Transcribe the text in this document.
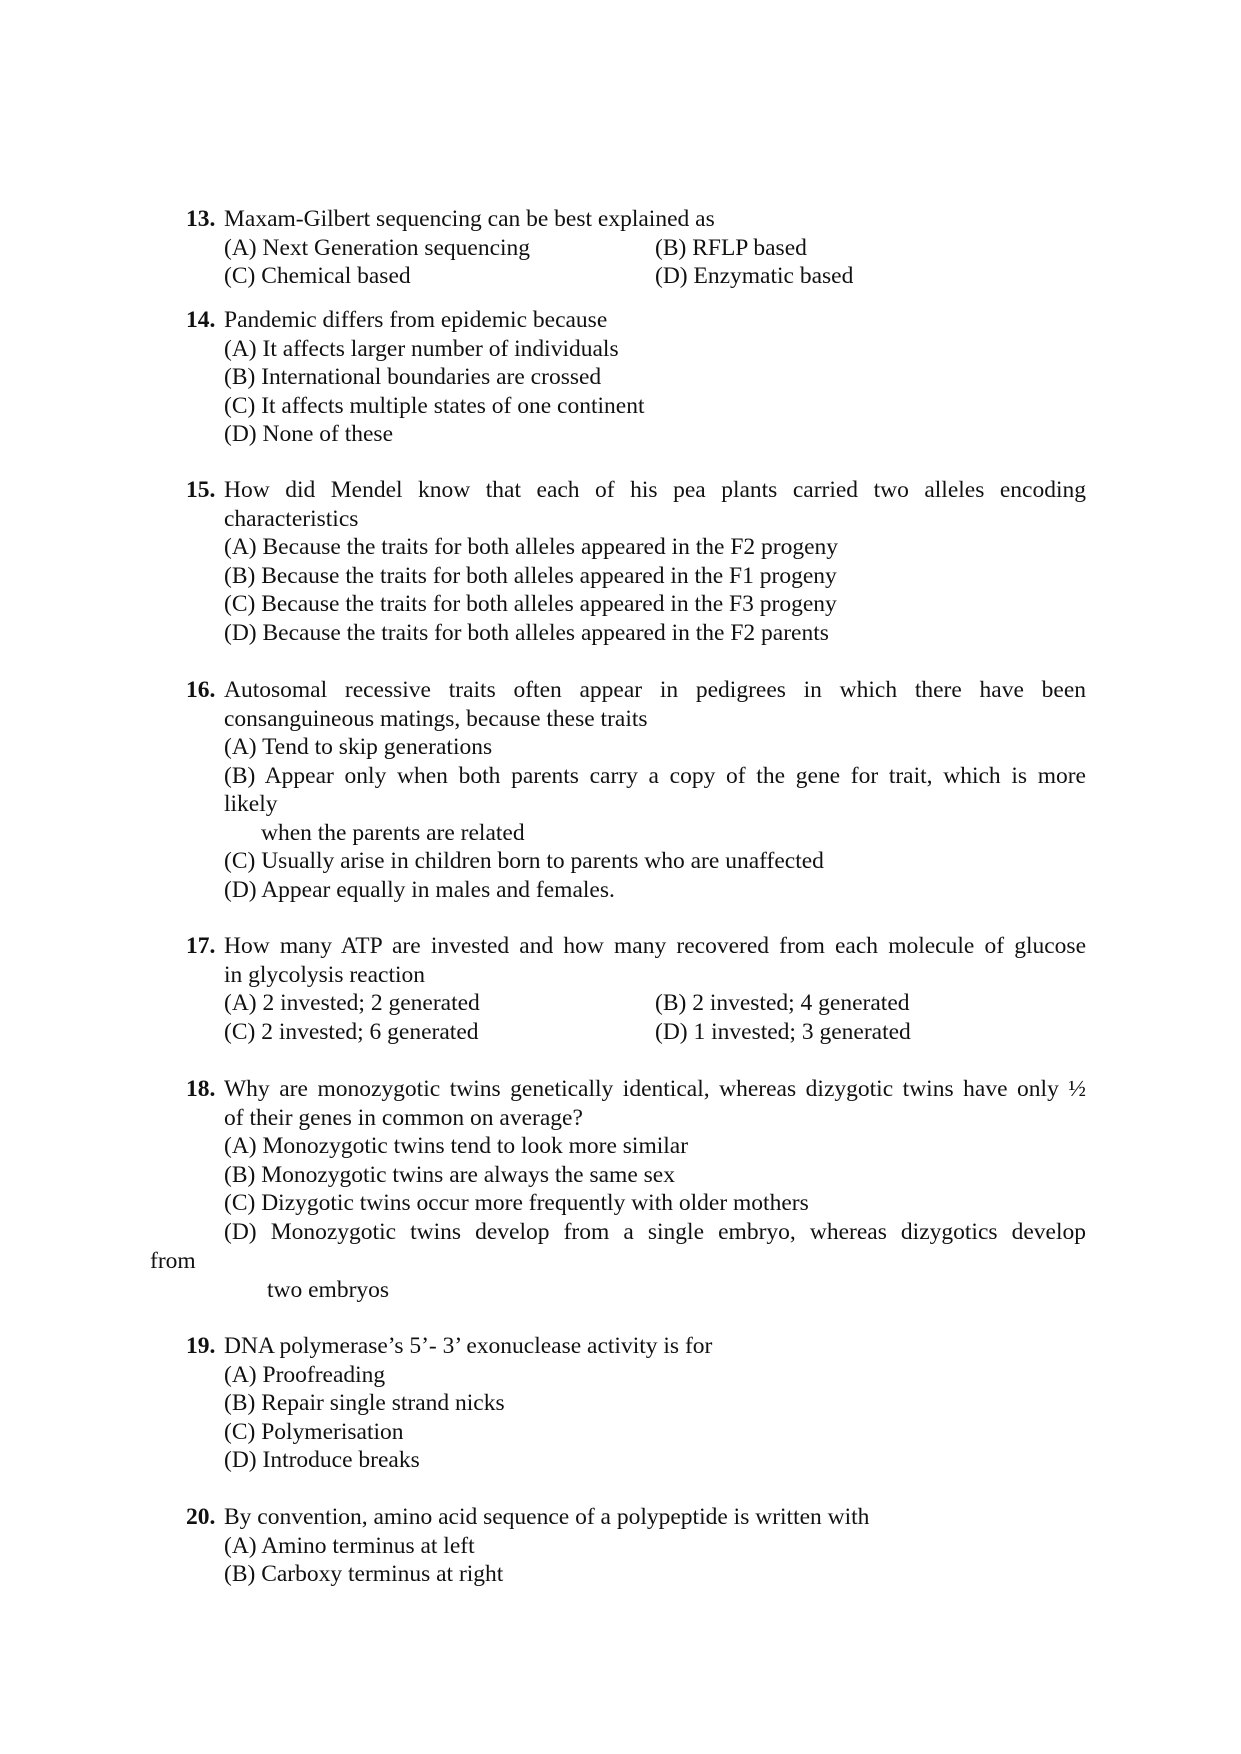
13. Maxam-Gilbert sequencing can be best explained as
(A) Next Generation sequencing	(B) RFLP based
(C) Chemical based	(D) Enzymatic based
14. Pandemic differs from epidemic because
(A) It affects larger number of individuals
(B) International boundaries are crossed
(C) It affects multiple states of one continent
(D) None of these
15. How did Mendel know that each of his pea plants carried two alleles encoding
characteristics
(A) Because the traits for both alleles appeared in the F2 progeny
(B) Because the traits for both alleles appeared in the F1 progeny
(C) Because the traits for both alleles appeared in the F3 progeny
(D) Because the traits for both alleles appeared in the F2 parents
16. Autosomal recessive traits often appear in pedigrees in which there have been
consanguineous matings, because these traits
(A) Tend to skip generations
(B) Appear only when both parents carry a copy of the gene for trait, which is more
likely
when the parents are related
(C) Usually arise in children born to parents who are unaffected
(D) Appear equally in males and females.
17. How many ATP are invested and how many recovered from each molecule of glucose
in glycolysis reaction
(A) 2 invested; 2 generated	(B) 2 invested; 4 generated
(C) 2 invested; 6 generated	(D) 1 invested; 3 generated
18. Why are monozygotic twins genetically identical, whereas dizygotic twins have only ½
of their genes in common on average?
(A) Monozygotic twins tend to look more similar
(B) Monozygotic twins are always the same sex
(C) Dizygotic twins occur more frequently with older mothers
(D) Monozygotic twins develop from a single embryo, whereas dizygotics develop
from
two embryos
19. DNA polymerase’s 5’- 3’ exonuclease activity is for
(A) Proofreading
(B) Repair single strand nicks
(C) Polymerisation
(D) Introduce breaks
20. By convention, amino acid sequence of a polypeptide is written with
(A) Amino terminus at left
(B) Carboxy terminus at right
